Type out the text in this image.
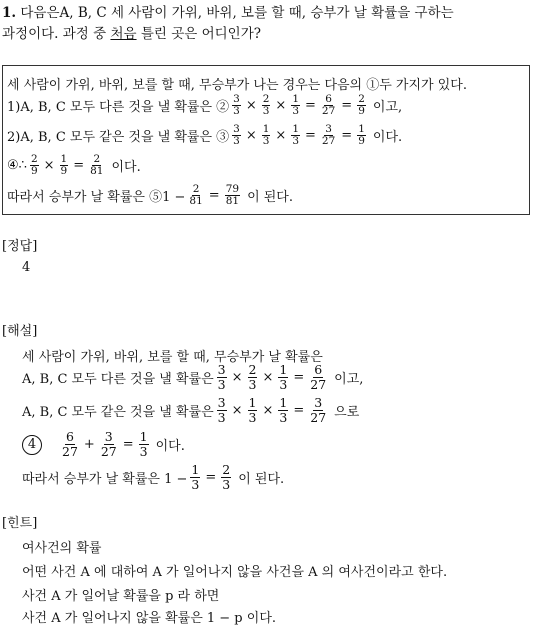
1. 다음은A, B, C 세 사람이 가위, 바위, 보를 할 때, 승부가 날 확률을 구하는
과정이다. 과정 중 처음 틀린 곳은 어디인가?
세 사람이 가위, 바위, 보를 할 때, 무승부가 나는 경우는 다음의 ①두 가지가 있다.
1)A, B, C 모두 다른 것을 낼 확률은 ② $\frac{3}{3} \times \frac{2}{3} \times \frac{1}{3} = \frac{6}{27} = \frac{2}{9}$ 이고,
2)A, B, C 모두 같은 것을 낼 확률은 ③ $\frac{3}{3} \times \frac{1}{3} \times \frac{1}{3} = \frac{3}{27} = \frac{1}{9}$ 이다.
④∴ $\frac{2}{9} \times \frac{1}{9} = \frac{2}{81}$ 이다.
따라서 승부가 날 확률은 ⑤1 − $\frac{2}{81} = \frac{79}{81}$ 이 된다.
[정답]
4
[해설]
세 사람이 가위, 바위, 보를 할 때, 무승부가 날 확률은
A, B, C 모두 다른 것을 낼 확률은 $\frac{3}{3} \times \frac{2}{3} \times \frac{1}{3} = \frac{6}{27}$ 이고,
A, B, C 모두 같은 것을 낼 확률은 $\frac{3}{3} \times \frac{1}{3} \times \frac{1}{3} = \frac{3}{27}$ 으로
4	$\frac{6}{27} + \frac{3}{27} = \frac{1}{3}$ 이다.
따라서 승부가 날 확률은 $1 - \frac{1}{3} = \frac{2}{3}$ 이 된다.
[힌트]
여사건의 확률
어떤 사건 A 에 대하여 A 가 일어나지 않을 사건을 A 의 여사건이라고 한다.
사건 A 가 일어날 확률을 p 라 하면
사건 A 가 일어나지 않을 확률은 1 − p 이다.
